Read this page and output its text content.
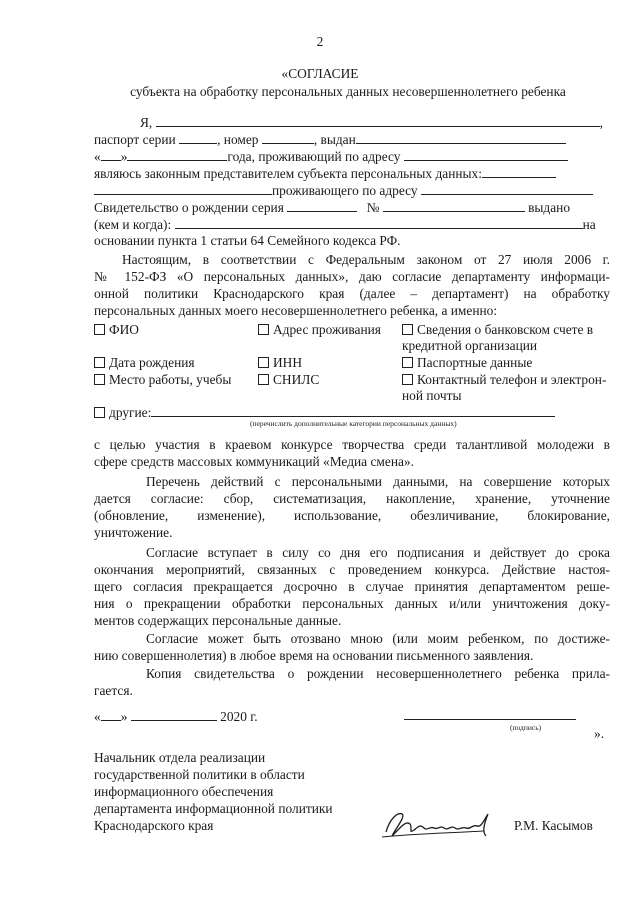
2
«СОГЛАСИЕ
субъекта на обработку персональных данных несовершеннолетнего ребенка
Я,	,
паспорт серии	, номер	, выдан
« »	года, проживающий по адресу
являюсь законным представителем субъекта персональных данных:
проживающего по адресу
Свидетельство о рождении серия	№	выдано
(кем и когда):	на
основании пункта 1 статьи 64 Семейного кодекса РФ.
Настоящим, в соответствии с Федеральным законом от 27 июля 2006 г.
№ 152-ФЗ «О персональных данных», даю согласие департаменту информаци-
онной политики Краснодарского края (далее – департамент) на обработку
персональных данных моего несовершеннолетнего ребенка, а именно:
ФИО	Адрес проживания	Сведения о банковском счете в
кредитной организации
Дата рождения	ИНН	Паспортные данные
Место работы, учебы	СНИЛС	Контактный телефон и электрон-
ной почты
другие:
(перечислить дополнительные категории персональных данных)
с целью участия в краевом конкурсе творчества среди талантливой молодежи в
сфере средств массовых коммуникаций «Медиа смена».
Перечень действий с персональными данными, на совершение которых
дается согласие: сбор, систематизация, накопление, хранение, уточнение
(обновление, изменение), использование, обезличивание, блокирование,
уничтожение.
Согласие вступает в силу со дня его подписания и действует до срока
окончания мероприятий, связанных с проведением конкурса. Действие настоя-
щего согласия прекращается досрочно в случае принятия департаментом реше-
ния о прекращении обработки персональных данных и/или уничтожения доку-
ментов содержащих персональные данные.
Согласие может быть отозвано мною (или моим ребенком, по достиже-
нию совершеннолетия) в любое время на основании письменного заявления.
Копия свидетельства о рождении несовершеннолетнего ребенка прила-
гается.
« »	2020 г.
(подпись)	».
Начальник отдела реализации
государственной политики в области
информационного обеспечения
департамента информационной политики
Краснодарского края	Р.М. Касымов
